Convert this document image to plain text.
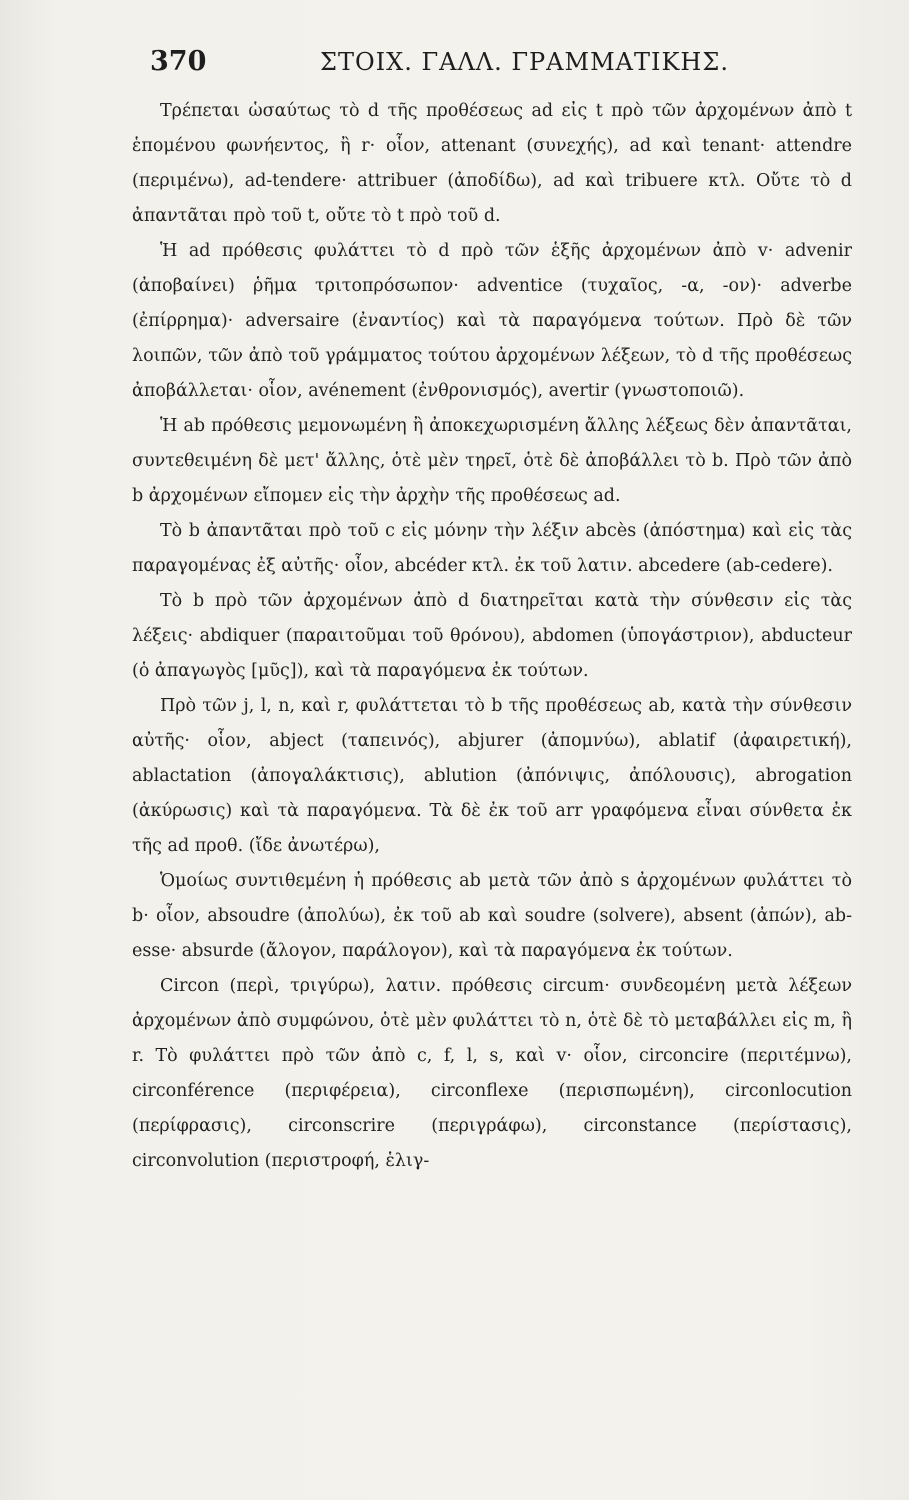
370	ΣΤΟΙΧ. ΓΑΛΛ. ΓΡΑΜΜΑΤΙΚΗΣ.

Τρέπεται ὡσαύτως τὸ d τῆς προθέσεως ad εἰς t πρὸ τῶν ἀρχομένων ἀπὸ t ἑπομένου φωνήεντος, ἢ r· οἷον, attenant (συνεχής), ad καὶ tenant· attendre (περιμένω), ad-tendere· attribuer (ἀποδίδω), ad καὶ tribuere κτλ. Οὔτε τὸ d ἀπαντᾶται πρὸ τοῦ t, οὔτε τὸ t πρὸ τοῦ d.

Ἡ ad πρόθεσις φυλάττει τὸ d πρὸ τῶν ἑξῆς ἀρχομένων ἀπὸ v· advenir (ἀποβαίνει) ῥῆμα τριτοπρόσωπον· adventice (τυχαῖος, -α, -ον)· adverbe (ἐπίρρημα)· adversaire (ἐναντίος) καὶ τὰ παραγόμενα τούτων. Πρὸ δὲ τῶν λοιπῶν, τῶν ἀπὸ τοῦ γράμματος τούτου ἀρχομένων λέξεων, τὸ d τῆς προθέσεως ἀποβάλλεται· οἷον, avénement (ἐνθρονισμός), avertir (γνωστοποιῶ).

Ἡ ab πρόθεσις μεμονωμένη ἢ ἀποκεχωρισμένη ἄλλης λέξεως δὲν ἀπαντᾶται, συντεθειμένη δὲ μετ' ἄλλης, ὁτὲ μὲν τηρεῖ, ὁτὲ δὲ ἀποβάλλει τὸ b. Πρὸ τῶν ἀπὸ b ἀρχομένων εἴπομεν εἰς τὴν ἀρχὴν τῆς προθέσεως ad.

Τὸ b ἀπαντᾶται πρὸ τοῦ c εἰς μόνην τὴν λέξιν abcès (ἀπόστημα) καὶ εἰς τὰς παραγομένας ἐξ αὐτῆς· οἷον, abcéder κτλ. ἐκ τοῦ λατιν. abcedere (ab-cedere).

Τὸ b πρὸ τῶν ἀρχομένων ἀπὸ d διατηρεῖται κατὰ τὴν σύνθεσιν εἰς τὰς λέξεις· abdiquer (παραιτοῦμαι τοῦ θρόνου), abdomen (ὑπογάστριον), abducteur (ὁ ἀπαγωγὸς [μῦς]), καὶ τὰ παραγόμενα ἐκ τούτων.

Πρὸ τῶν j, l, n, καὶ r, φυλάττεται τὸ b τῆς προθέσεως ab, κατὰ τὴν σύνθεσιν αὐτῆς· οἷον, abject (ταπεινός), abjurer (ἀπομνύω), ablatif (ἀφαιρετική), ablactation (ἀπογαλάκτισις), ablution (ἀπόνιψις, ἀπόλουσις), abrogation (ἀκύρωσις) καὶ τὰ παραγόμενα. Τὰ δὲ ἐκ τοῦ arr γραφόμενα εἶναι σύνθετα ἐκ τῆς ad προθ. (ἴδε ἀνωτέρω),

Ὁμοίως συντιθεμένη ἡ πρόθεσις ab μετὰ τῶν ἀπὸ s ἀρχομένων φυλάττει τὸ b· οἷον, absoudre (ἀπολύω), ἐκ τοῦ ab καὶ soudre (solvere), absent (ἀπών), ab-esse· absurde (ἄλογον, παράλογον), καὶ τὰ παραγόμενα ἐκ τούτων.

Circon (περὶ, τριγύρω), λατιν. πρόθεσις circum· συνδεομένη μετὰ λέξεων ἀρχομένων ἀπὸ συμφώνου, ὁτὲ μὲν φυλάττει τὸ n, ὁτὲ δὲ τὸ μεταβάλλει εἰς m, ἢ r. Τὸ φυλάττει πρὸ τῶν ἀπὸ c, f, l, s, καὶ v· οἷον, circoncire (περιτέμνω), circonférence (περιφέρεια), circonflexe (περισπωμένη), circonlocution (περίφρασις), circonscrire (περιγράφω), circonstance (περίστασις), circonvolution (περιστροφή, ἑλιγ-
